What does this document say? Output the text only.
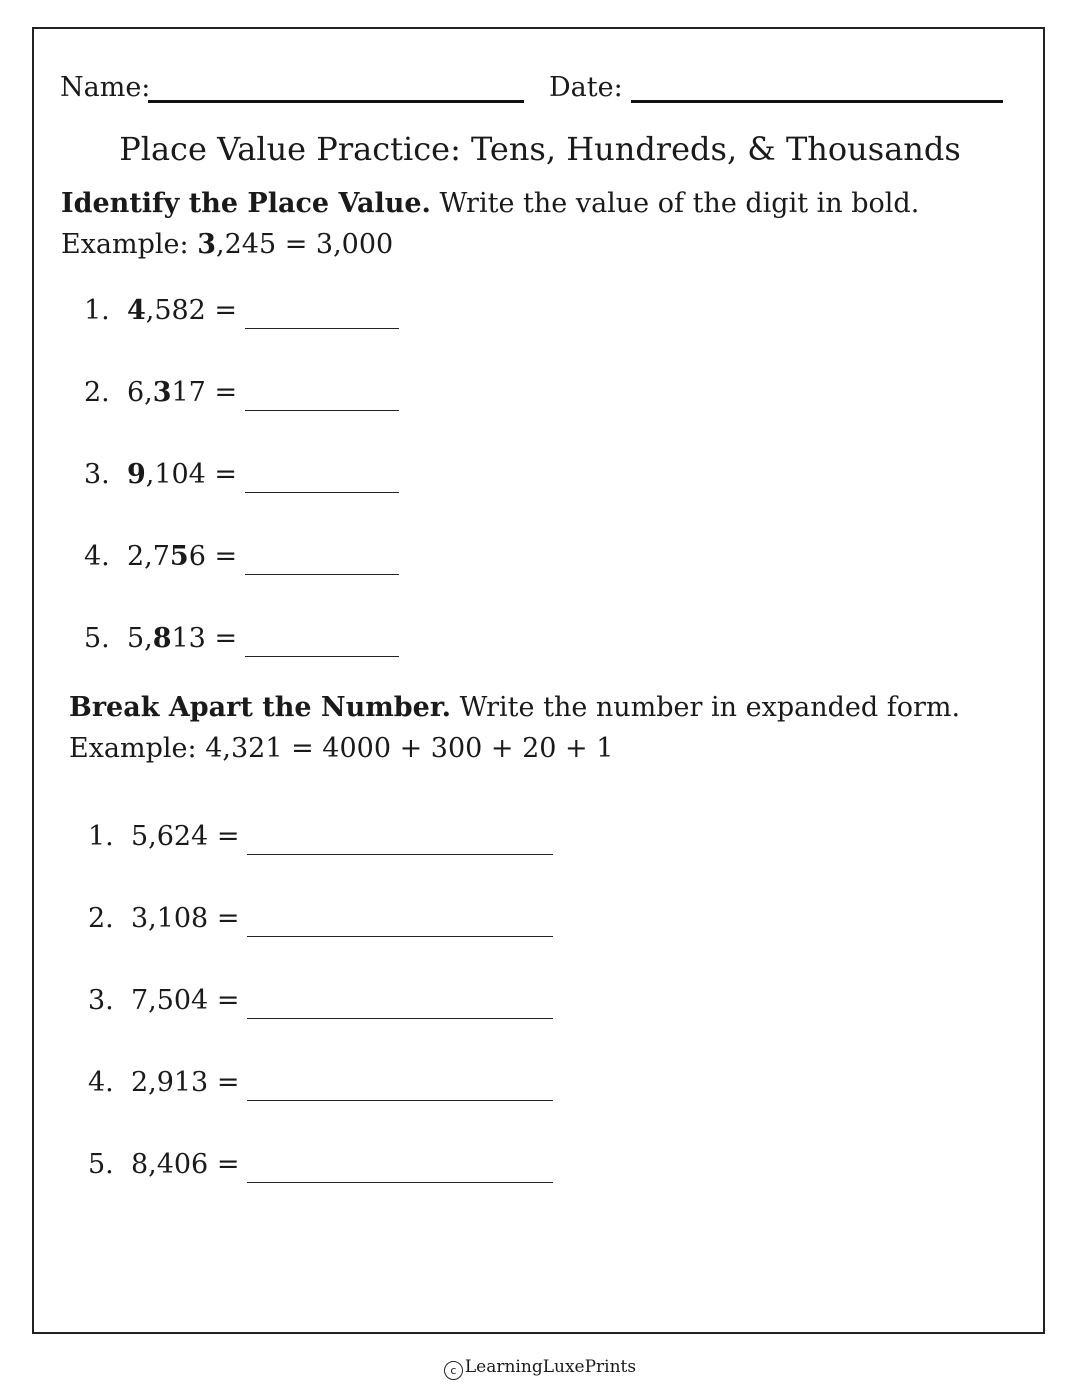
Name:	Date:
Place Value Practice: Tens, Hundreds, & Thousands
Identify the Place Value. Write the value of the digit in bold.
Example: 3,245 = 3,000
1. 4,582 =
2. 6,317 =
3. 9,104 =
4. 2,756 =
5. 5,813 =
Break Apart the Number. Write the number in expanded form.
Example: 4,321 = 4000 + 300 + 20 + 1
1. 5,624 =
2. 3,108 =
3. 7,504 =
4. 2,913 =
5. 8,406 =
c LearningLuxePrints
